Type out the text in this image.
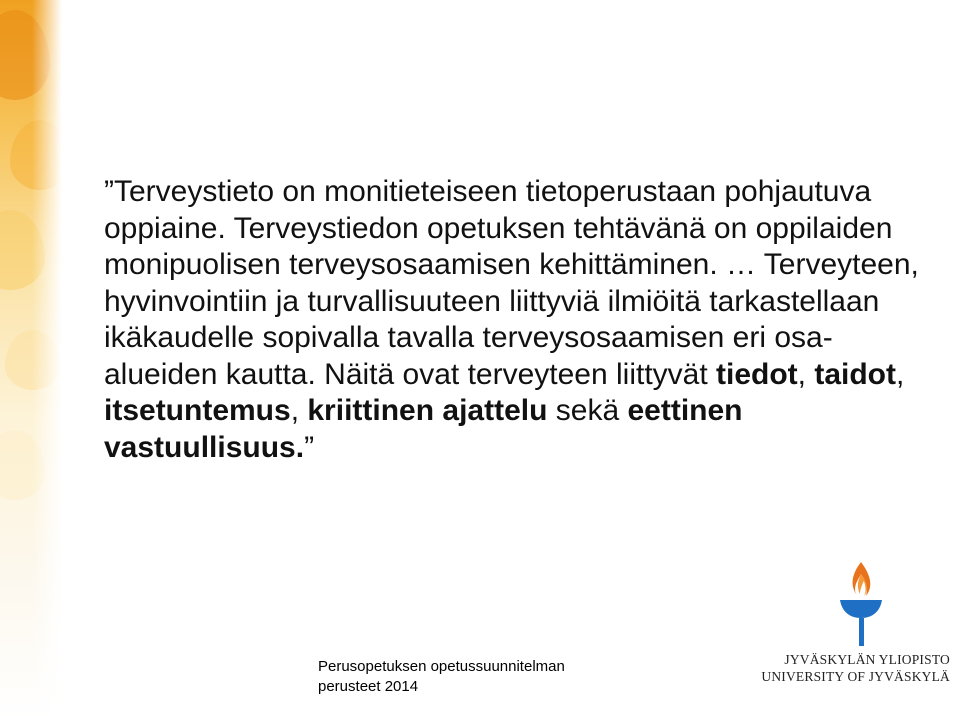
”Terveystieto on monitieteiseen tietoperustaan pohjautuva oppiaine. Terveystiedon opetuksen tehtävänä on oppilaiden monipuolisen terveysosaamisen kehittäminen. … Terveyteen, hyvinvointiin ja turvallisuuteen liittyviä ilmiöitä tarkastellaan ikäkaudelle sopivalla tavalla terveysosaamisen eri osa-alueiden kautta. Näitä ovat terveyteen liittyvät tiedot, taidot, itsetuntemus, kriittinen ajattelu sekä eettinen vastuullisuus.”
Perusopetuksen opetussuunnitelman
perusteet 2014
JYVÄSKYLÄN YLIOPISTO
UNIVERSITY OF JYVÄSKYLÄ
